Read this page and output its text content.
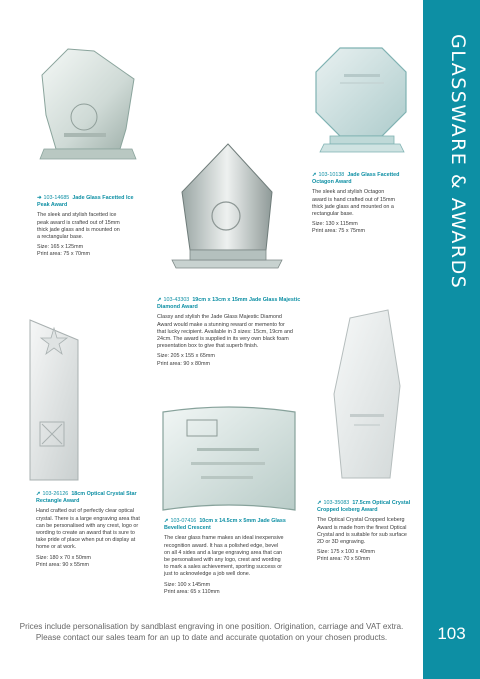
GLASSWARE & AWARDS
103
➜ 103-14685 Jade Glass Facetted Ice
Peak Award

The sleek and stylish facetted ice
peak award is crafted out of 15mm
thick jade glass and is mounted on
a rectangular base.

Size: 165 x 125mm
Print area: 75 x 70mm
➚ 103-10138 Jade Glass Facetted
Octagon Award

The sleek and stylish Octagon
award is hand crafted out of 15mm
thick jade glass and mounted on a
rectangular base.

Size: 130 x 115mm
Print area: 75 x 75mm
➚ 103-43303 19cm x 13cm x 15mm Jade Glass Majestic
Diamond Award

Classy and stylish the Jade Glass Majestic Diamond
Award would make a stunning reward or memento for
that lucky recipient. Available in 3 sizes: 15cm, 19cm and
24cm. The award is supplied in its very own black foam
presentation box to give that superb finish.

Size: 205 x 155 x 65mm
Print area: 90 x 80mm
➚ 103-26126 18cm Optical Crystal Star
Rectangle Award

Hand crafted out of perfectly clear optical
crystal. There is a large engraving area that
can be personalised with any crest, logo or
wording to create an award that is sure to
take pride of place when put on display at
home or at work.

Size: 180 x 70 x 50mm
Print area: 90 x 55mm
➚ 103-07416 10cm x 14.5cm x 5mm Jade Glass
Bevelled Crescent

The clear glass frame makes an ideal inexpensive
recognition award. It has a polished edge, bevel
on all 4 sides and a large engraving area that can
be personalised with any logo, crest and wording
to mark a sales achievement, sporting success or
just to acknowledge a job well done.

Size: 100 x 145mm
Print area: 65 x 110mm
➚ 103-35083 17.5cm Optical Crystal
Cropped Iceberg Award

The Optical Crystal Cropped Iceberg
Award is made from the finest Optical
Crystal and is suitable for sub surface
2D or 3D engraving.

Size: 175 x 100 x 40mm
Print area: 70 x 50mm
Prices include personalisation by sandblast engraving in one position. Origination, carriage and VAT extra.
Please contact our sales team for an up to date and accurate quotation on your chosen products.
